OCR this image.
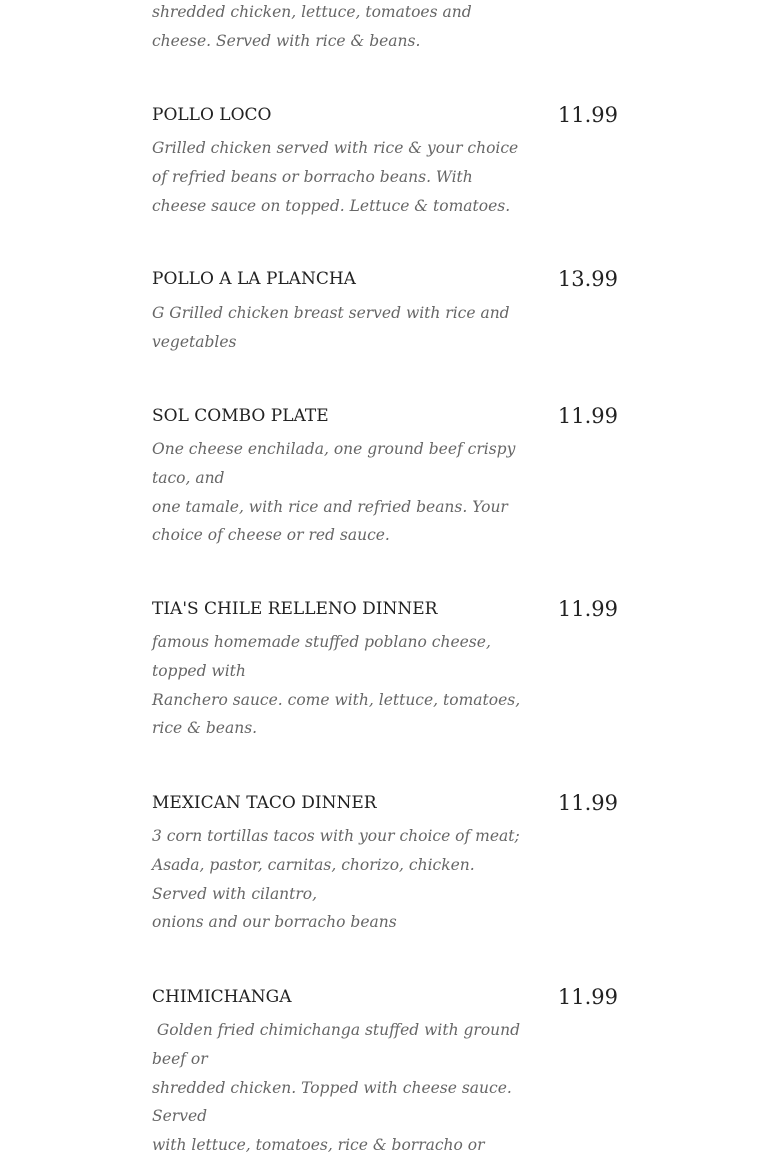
shredded chicken, lettuce, tomatoes and
cheese. Served with rice & beans.
POLLO LOCO	11.99
Grilled chicken served with rice & your choice
of refried beans or borracho beans. With
cheese sauce on topped. Lettuce & tomatoes.
POLLO A LA PLANCHA	13.99
G Grilled chicken breast served with rice and
vegetables
SOL COMBO PLATE	11.99
One cheese enchilada, one ground beef crispy
taco, and
one tamale, with rice and refried beans. Your
choice of cheese or red sauce.
TIA'S CHILE RELLENO DINNER	11.99
famous homemade stuffed poblano cheese,
topped with
Ranchero sauce. come with, lettuce, tomatoes,
rice & beans.
MEXICAN TACO DINNER	11.99
3 corn tortillas tacos with your choice of meat;
Asada, pastor, carnitas, chorizo, chicken.
Served with cilantro,
onions and our borracho beans
CHIMICHANGA	11.99
Golden fried chimichanga stuffed with ground
beef or
shredded chicken. Topped with cheese sauce.
Served
with lettuce, tomatoes, rice & borracho or
